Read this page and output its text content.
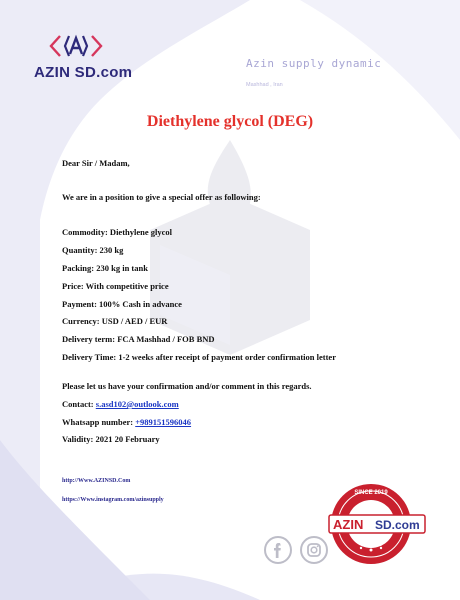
AZIN SD.com
Azin supply dynamic
Mashhad , Iran
Diethylene glycol (DEG)
Dear Sir / Madam,
We are in a position to give a special offer as following:
Commodity: Diethylene glycol
Quantity: 230 kg
Packing: 230 kg in tank
Price: With competitive price
Payment: 100% Cash in advance
Currency: USD / AED / EUR
Delivery term: FCA Mashhad / FOB BND
Delivery Time: 1-2 weeks after receipt of payment order confirmation letter
Please let us have your confirmation and/or comment in this regards.
Contact: s.asd102@outlook.com
Whatsapp number: +989151596046
Validity: 2021 20 February
http://Www.AZINSD.Com
https://Www.instagram.com/azinsupply
AZIN SD.com
SINCE 2019
